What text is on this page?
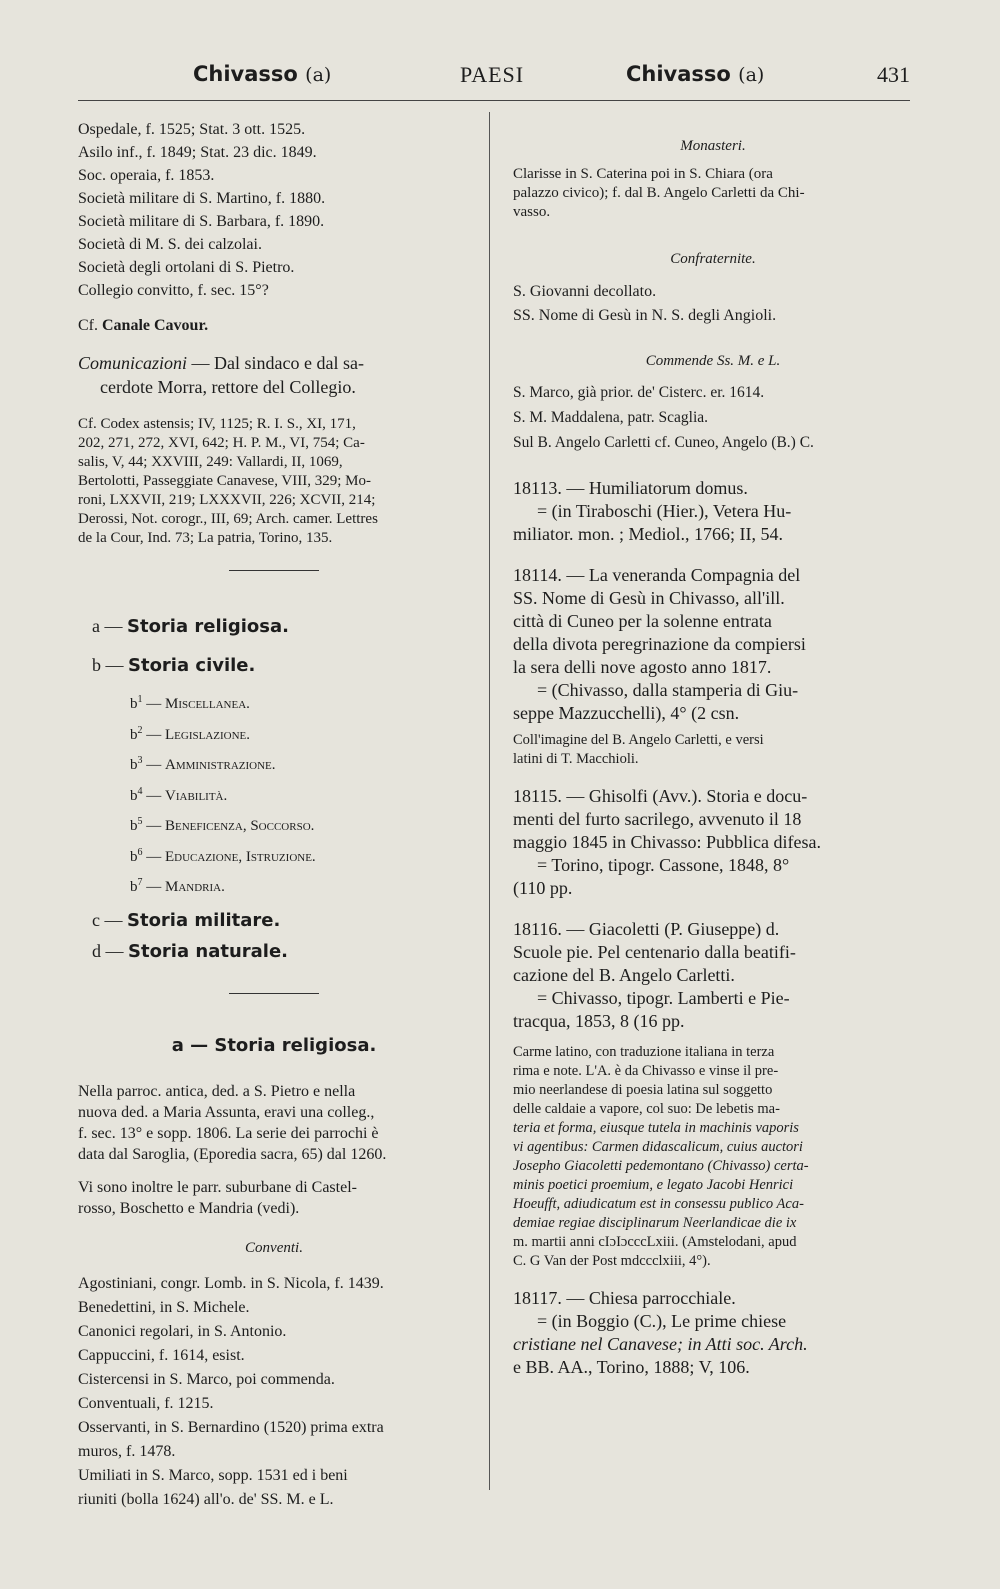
Chivasso (a)	PAESI	Chivasso (a)	431
Ospedale, f. 1525; Stat. 3 ott. 1525.
Asilo inf., f. 1849; Stat. 23 dic. 1849.
Soc. operaia, f. 1853.
Società militare di S. Martino, f. 1880.
Società militare di S. Barbara, f. 1890.
Società di M. S. dei calzolai.
Società degli ortolani di S. Pietro.
Collegio convitto, f. sec. 15°?
Cf. Canale Cavour.
Comunicazioni — Dal sindaco e dal sa-
cerdote Morra, rettore del Collegio.
Cf. Codex astensis; IV, 1125; R. I. S., XI, 171,
202, 271, 272, XVI, 642; H. P. M., VI, 754; Ca-
salis, V, 44; XXVIII, 249: Vallardi, II, 1069,
Bertolotti, Passeggiate Canavese, VIII, 329; Mo-
roni, LXXVII, 219; LXXXVII, 226; XCVII, 214;
Derossi, Not. corogr., III, 69; Arch. camer. Lettres
de la Cour, Ind. 73; La patria, Torino, 135.
a — Storia religiosa.
b — Storia civile.
$b^1$ — Miscellanea.
$b^2$ — Legislazione.
$b^3$ — Amministrazione.
$b^4$ — Viabilità.
$b^5$ — Beneficenza, Soccorso.
$b^6$ — Educazione, Istruzione.
$b^7$ — Mandria.
c — Storia militare.
d — Storia naturale.
a — Storia religiosa.
Nella parroc. antica, ded. a S. Pietro e nella
nuova ded. a Maria Assunta, eravi una colleg.,
f. sec. 13° e sopp. 1806. La serie dei parrochi è
data dal Saroglia, (Eporedia sacra, 65) dal 1260.
Vi sono inoltre le parr. suburbane di Castel-
rosso, Boschetto e Mandria (vedi).
Conventi.
Agostiniani, congr. Lomb. in S. Nicola, f. 1439.
Benedettini, in S. Michele.
Canonici regolari, in S. Antonio.
Cappuccini, f. 1614, esist.
Cistercensi in S. Marco, poi commenda.
Conventuali, f. 1215.
Osservanti, in S. Bernardino (1520) prima extra
muros, f. 1478.
Umiliati in S. Marco, sopp. 1531 ed i beni
riuniti (bolla 1624) all'o. de' SS. M. e L.
Monasteri.
Clarisse in S. Caterina poi in S. Chiara (ora
palazzo civico); f. dal B. Angelo Carletti da Chi-
vasso.
Confraternite.
S. Giovanni decollato.
SS. Nome di Gesù in N. S. degli Angioli.
Commende Ss. M. e L.
S. Marco, già prior. de' Cisterc. er. 1614.
S. M. Maddalena, patr. Scaglia.
Sul B. Angelo Carletti cf. Cuneo, Angelo (B.) C.
18113. — Humiliatorum domus.
= (in Tiraboschi (Hier.), Vetera Hu-
miliator. mon. ; Mediol., 1766; II, 54.
18114. — La veneranda Compagnia del
SS. Nome di Gesù in Chivasso, all'ill.
città di Cuneo per la solenne entrata
della divota peregrinazione da compiersi
la sera delli nove agosto anno 1817.
= (Chivasso, dalla stamperia di Giu-
seppe Mazzucchelli), 4° (2 csn.
Coll'imagine del B. Angelo Carletti, e versi
latini di T. Macchioli.
18115. — Ghisolfi (Avv.). Storia e docu-
menti del furto sacrilego, avvenuto il 18
maggio 1845 in Chivasso: Pubblica difesa.
= Torino, tipogr. Cassone, 1848, 8°
(110 pp.
18116. — Giacoletti (P. Giuseppe) d.
Scuole pie. Pel centenario dalla beatifi-
cazione del B. Angelo Carletti.
= Chivasso, tipogr. Lamberti e Pie-
tracqua, 1853, 8 (16 pp.
Carme latino, con traduzione italiana in terza
rima e note. L'A. è da Chivasso e vinse il pre-
mio neerlandese di poesia latina sul soggetto
delle caldaie a vapore, col suo: De lebetis ma-
teria et forma, eiusque tutela in machinis vaporis
vi agentibus: Carmen didascalicum, cuius auctori
Josepho Giacoletti pedemontano (Chivasso) certa-
minis poetici proemium, e legato Jacobi Henrici
Hoeufft, adiudicatum est in consessu publico Aca-
demiae regiae disciplinarum Neerlandicae die ix
m. martii anni cIɔIɔcccLxiii. (Amstelodani, apud
C. G Van der Post mdccclxiii, 4°).
18117. — Chiesa parrocchiale.
= (in Boggio (C.), Le prime chiese
cristiane nel Canavese; in Atti soc. Arch.
e BB. AA., Torino, 1888; V, 106.
